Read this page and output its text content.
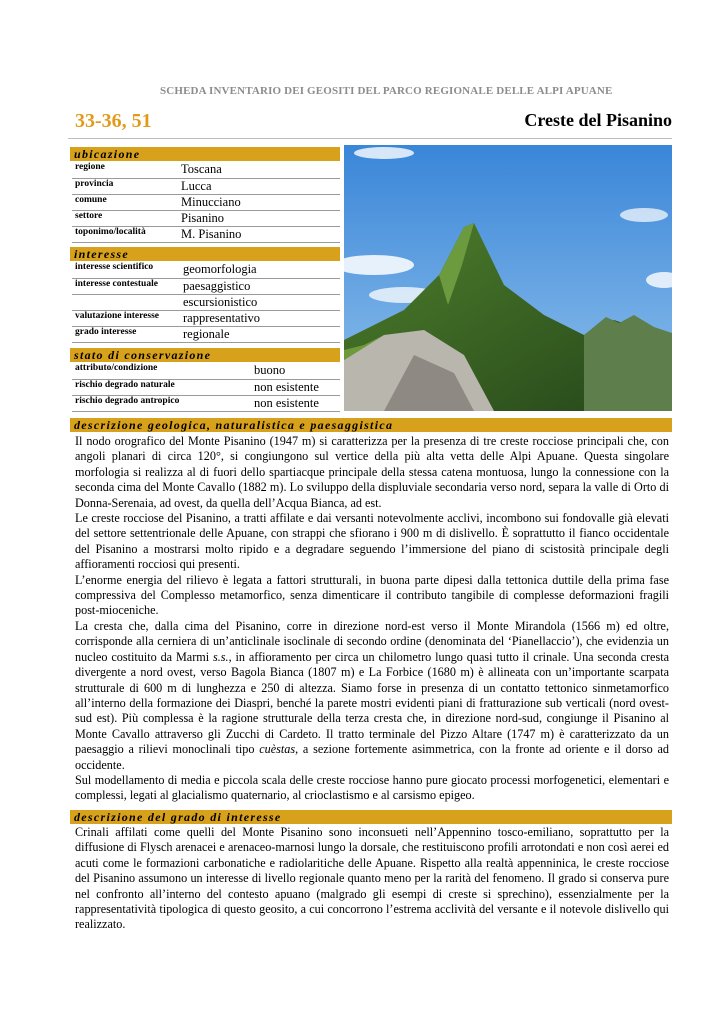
SCHEDA INVENTARIO DEI GEOSITI DEL PARCO REGIONALE DELLE ALPI APUANE
33-36, 51	Creste del Pisanino
ubicazione
regione	Toscana
provincia	Lucca
comune	Minucciano
settore	Pisanino
toponimo/località	M. Pisanino
interesse
interesse scientifico	geomorfologia
interesse contestuale	paesaggistico
	escursionistico
valutazione interesse	rappresentativo
grado interesse	regionale
stato di conservazione
attributo/condizione	buono
rischio degrado naturale	non esistente
rischio degrado antropico	non esistente
descrizione geologica, naturalistica e paesaggistica

Il nodo orografico del Monte Pisanino (1947 m) si caratterizza per la presenza di tre creste rocciose principali che, con angoli planari di circa 120°, si congiungono sul vertice della più alta vetta delle Alpi Apuane. Questa singolare morfologia si realizza al di fuori dello spartiacque principale della stessa catena montuosa, lungo la connessione con la seconda cima del Monte Cavallo (1882 m). Lo sviluppo della displuviale secondaria verso nord, separa la valle di Orto di Donna-Serenaia, ad ovest, da quella dell’Acqua Bianca, ad est.

Le creste rocciose del Pisanino, a tratti affilate e dai versanti notevolmente acclivi, incombono sui fondovalle già elevati del settore settentrionale delle Apuane, con strappi che sfiorano i 900 m di dislivello. È soprattutto il fianco occidentale del Pisanino a mostrarsi molto ripido e a degradare seguendo l’immersione del piano di scistosità principale degli affioramenti rocciosi qui presenti.

L’enorme energia del rilievo è legata a fattori strutturali, in buona parte dipesi dalla tettonica duttile della prima fase compressiva del Complesso metamorfico, senza dimenticare il contributo tangibile di complesse deformazioni fragili post-mioceniche.

La cresta che, dalla cima del Pisanino, corre in direzione nord-est verso il Monte Mirandola (1566 m) ed oltre, corrisponde alla cerniera di un’anticlinale isoclinale di secondo ordine (denominata del ‘Pianellaccio’), che evidenzia un nucleo costituito da Marmi s.s., in affioramento per circa un chilometro lungo quasi tutto il crinale. Una seconda cresta divergente a nord ovest, verso Bagola Bianca (1807 m) e La Forbice (1680 m) è allineata con un’importante scarpata strutturale di 600 m di lunghezza e 250 di altezza. Siamo forse in presenza di un contatto tettonico sinmetamorfico all’interno della formazione dei Diaspri, benché la parete mostri evidenti piani di fratturazione sub verticali (nord ovest-sud est). Più complessa è la ragione strutturale della terza cresta che, in direzione nord-sud, congiunge il Pisanino al Monte Cavallo attraverso gli Zucchi di Cardeto. Il tratto terminale del Pizzo Altare (1747 m) è caratterizzato da un paesaggio a rilievi monoclinali tipo cuèstas, a sezione fortemente asimmetrica, con la fronte ad oriente e il dorso ad occidente.

Sul modellamento di media e piccola scala delle creste rocciose hanno pure giocato processi morfogenetici, elementari e complessi, legati al glacialismo quaternario, al crioclastismo e al carsismo epigeo.

descrizione del grado di interesse

Crinali affilati come quelli del Monte Pisanino sono inconsueti nell’Appennino tosco-emiliano, soprattutto per la diffusione di Flysch arenacei e arenaceo-marnosi lungo la dorsale, che restituiscono profili arrotondati e non così aerei ed acuti come le formazioni carbonatiche e radiolaritiche delle Apuane. Rispetto alla realtà appenninica, le creste rocciose del Pisanino assumono un interesse di livello regionale quanto meno per la rarità del fenomeno. Il grado si conserva pure nel confronto all’interno del contesto apuano (malgrado gli esempi di creste si sprechino), essenzialmente per la rappresentatività tipologica di questo geosito, a cui concorrono l’estrema acclività del versante e il notevole dislivello qui realizzato.
